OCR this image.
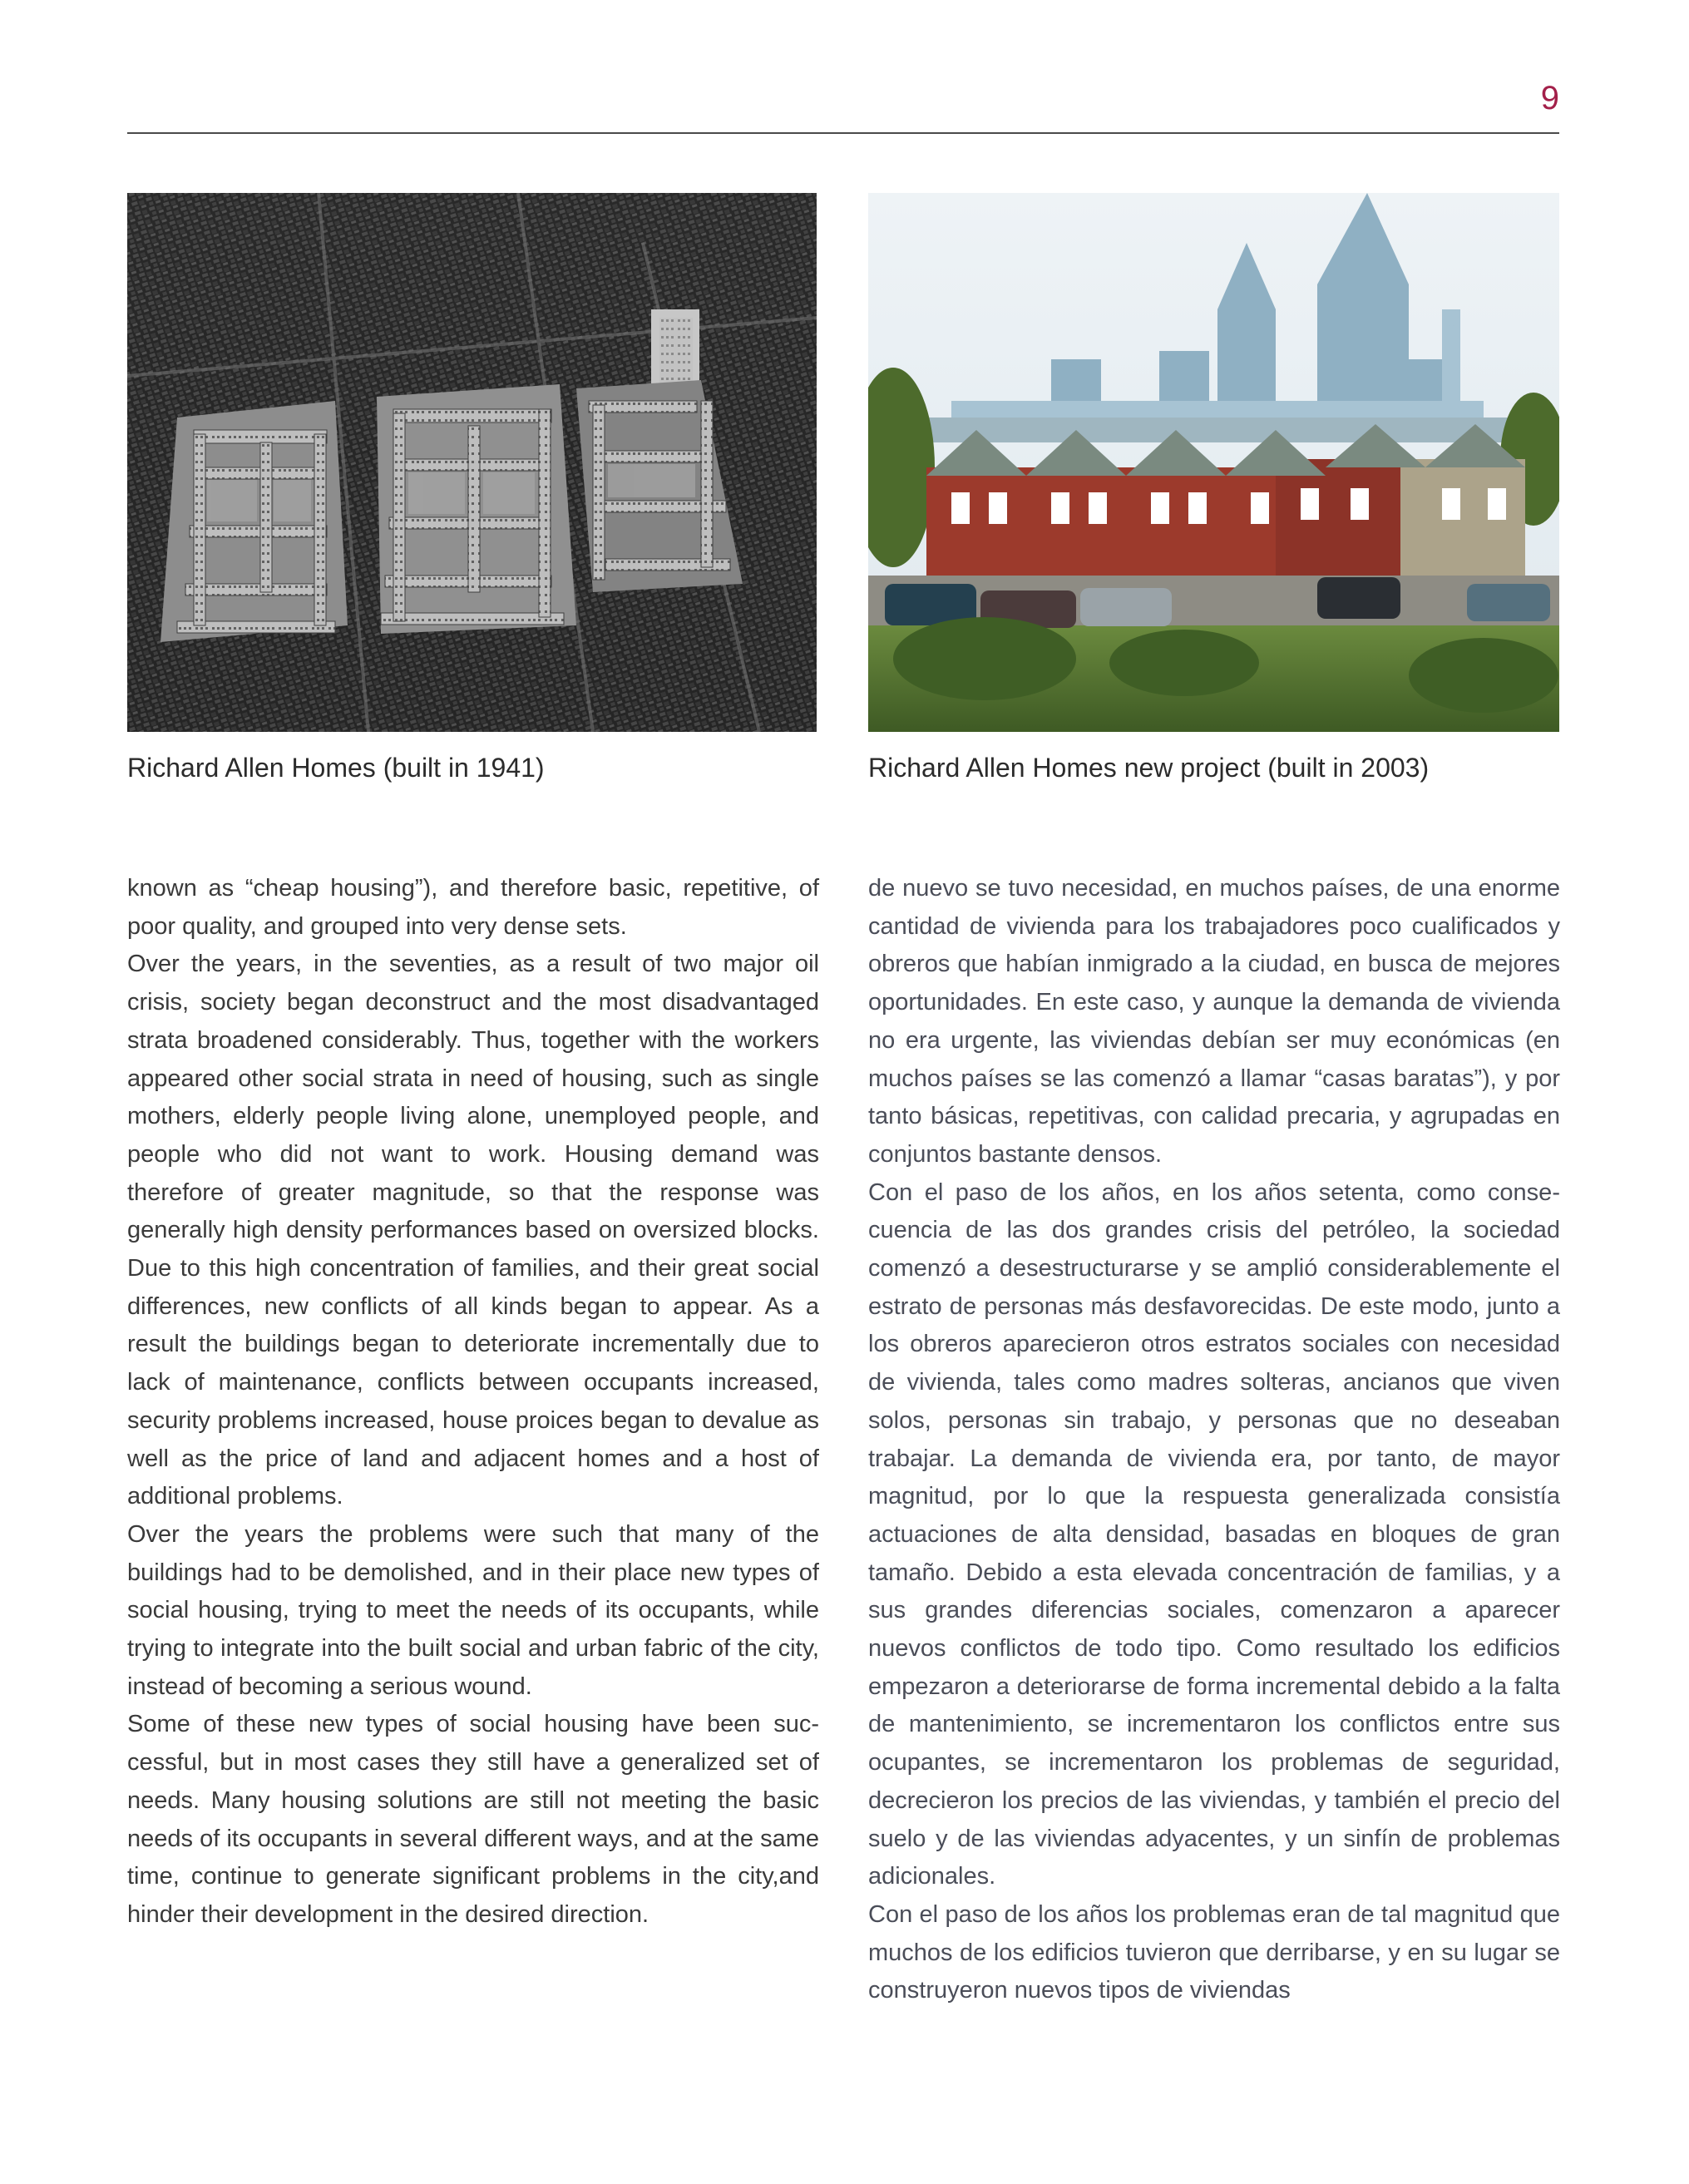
9
Richard Allen Homes (built in 1941)	Richard Allen Homes new project (built in 2003)

known as “cheap housing”), and therefore basic, repetitive, of poor quality, and grouped into very dense sets.

Over the years, in the seventies, as a result of two major oil crisis, society began deconstruct and the most disadvantaged strata broadened considerably. Thus, together with the workers appeared other social strata in need of housing, such as single mothers, elderly people living alone, unemployed people, and people who did not want to work. Housing demand was therefore of greater magnitude, so that the response was generally high density performances based on oversized blocks. Due to this high concentration of families, and their great social differences, new conflicts of all kinds began to appear. As a result the buildings began to deteriorate incrementally due to lack of maintenance, conflicts between occupants increased, security problems increased, house proices began to devalue as well as the price of land and adjacent homes and a host of additional problems.

Over the years the problems were such that many of the buildings had to be demolished, and in their place new types of social housing, trying to meet the needs of its occupants, while trying to integrate into the built social and urban fabric of the city, instead of becoming a serious wound.

Some of these new types of social housing have been successful, but in most cases they still have a generalized set of needs. Many housing solutions are still not meeting the basic needs of its occupants in several different ways, and at the same time, continue to generate significant problems in the city,and hinder their development in the desired direction.

de nuevo se tuvo necesidad, en muchos países, de una enorme cantidad de vivienda para los trabajadores poco cualificados y obreros que habían inmigrado a la ciudad, en busca de mejores oportunidades. En este caso, y aunque la demanda de vivienda no era urgente, las viviendas debían ser muy económicas (en muchos países se las comenzó a llamar “casas baratas”), y por tanto básicas, repetitivas, con calidad precaria, y agrupadas en conjuntos bastante densos.

Con el paso de los años, en los años setenta, como consecuencia de las dos grandes crisis del petróleo, la sociedad comenzó a desestructurarse y se amplió considerablemente el estrato de personas más desfavorecidas. De este modo, junto a los obreros aparecieron otros estratos sociales con necesidad de vivienda, tales como madres solteras, ancianos que viven solos, personas sin trabajo, y personas que no deseaban trabajar. La demanda de vivienda era, por tanto, de mayor magnitud, por lo que la respuesta generalizada consistía actuaciones de alta densidad, basadas en bloques de gran tamaño. Debido a esta elevada concentración de familias, y a sus grandes diferencias sociales, comenzaron a aparecer nuevos conflictos de todo tipo. Como resultado los edificios empezaron a deteriorarse de forma incremental debido a la falta de mantenimiento, se incrementaron los conflictos entre sus ocupantes, se incrementaron los problemas de seguridad, decrecieron los precios de las viviendas, y también el precio del suelo y de las viviendas adyacentes, y un sinfín de problemas adicionales.

Con el paso de los años los problemas eran de tal magnitud que muchos de los edificios tuvieron que derribarse, y en su lugar se construyeron nuevos tipos de viviendas
